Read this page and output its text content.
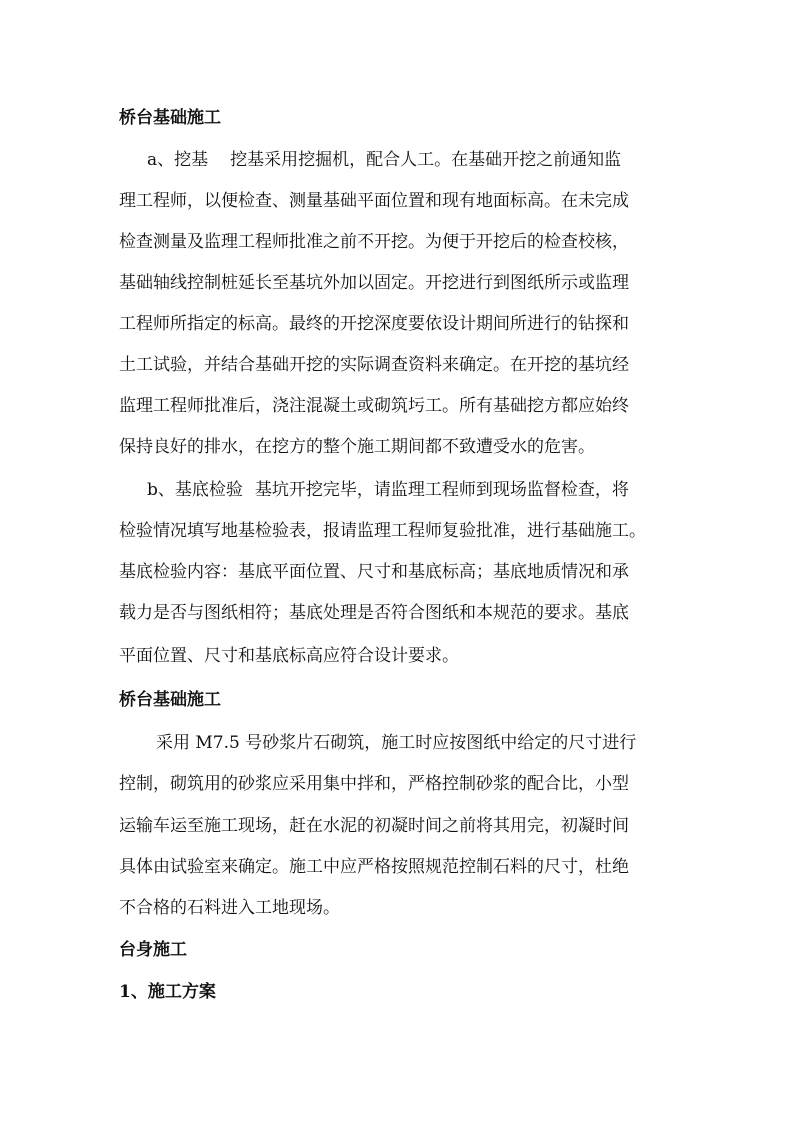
桥台基础施工
a、挖基 挖基采用挖掘机，配合人工。在基础开挖之前通知监
理工程师，以便检查、测量基础平面位置和现有地面标高。在未完成
检查测量及监理工程师批准之前不开挖。为便于开挖后的检查校核，
基础轴线控制桩延长至基坑外加以固定。开挖进行到图纸所示或监理
工程师所指定的标高。最终的开挖深度要依设计期间所进行的钻探和
土工试验，并结合基础开挖的实际调查资料来确定。在开挖的基坑经
监理工程师批准后，浇注混凝土或砌筑圬工。所有基础挖方都应始终
保持良好的排水，在挖方的整个施工期间都不致遭受水的危害。
b、基底检验 基坑开挖完毕，请监理工程师到现场监督检查，将
检验情况填写地基检验表，报请监理工程师复验批准，进行基础施工。
基底检验内容：基底平面位置、尺寸和基底标高；基底地质情况和承
载力是否与图纸相符；基底处理是否符合图纸和本规范的要求。基底
平面位置、尺寸和基底标高应符合设计要求。
桥台基础施工
采用 M7.5 号砂浆片石砌筑，施工时应按图纸中给定的尺寸进行
控制，砌筑用的砂浆应采用集中拌和，严格控制砂浆的配合比，小型
运输车运至施工现场，赶在水泥的初凝时间之前将其用完，初凝时间
具体由试验室来确定。施工中应严格按照规范控制石料的尺寸，杜绝
不合格的石料进入工地现场。
台身施工
1、施工方案
